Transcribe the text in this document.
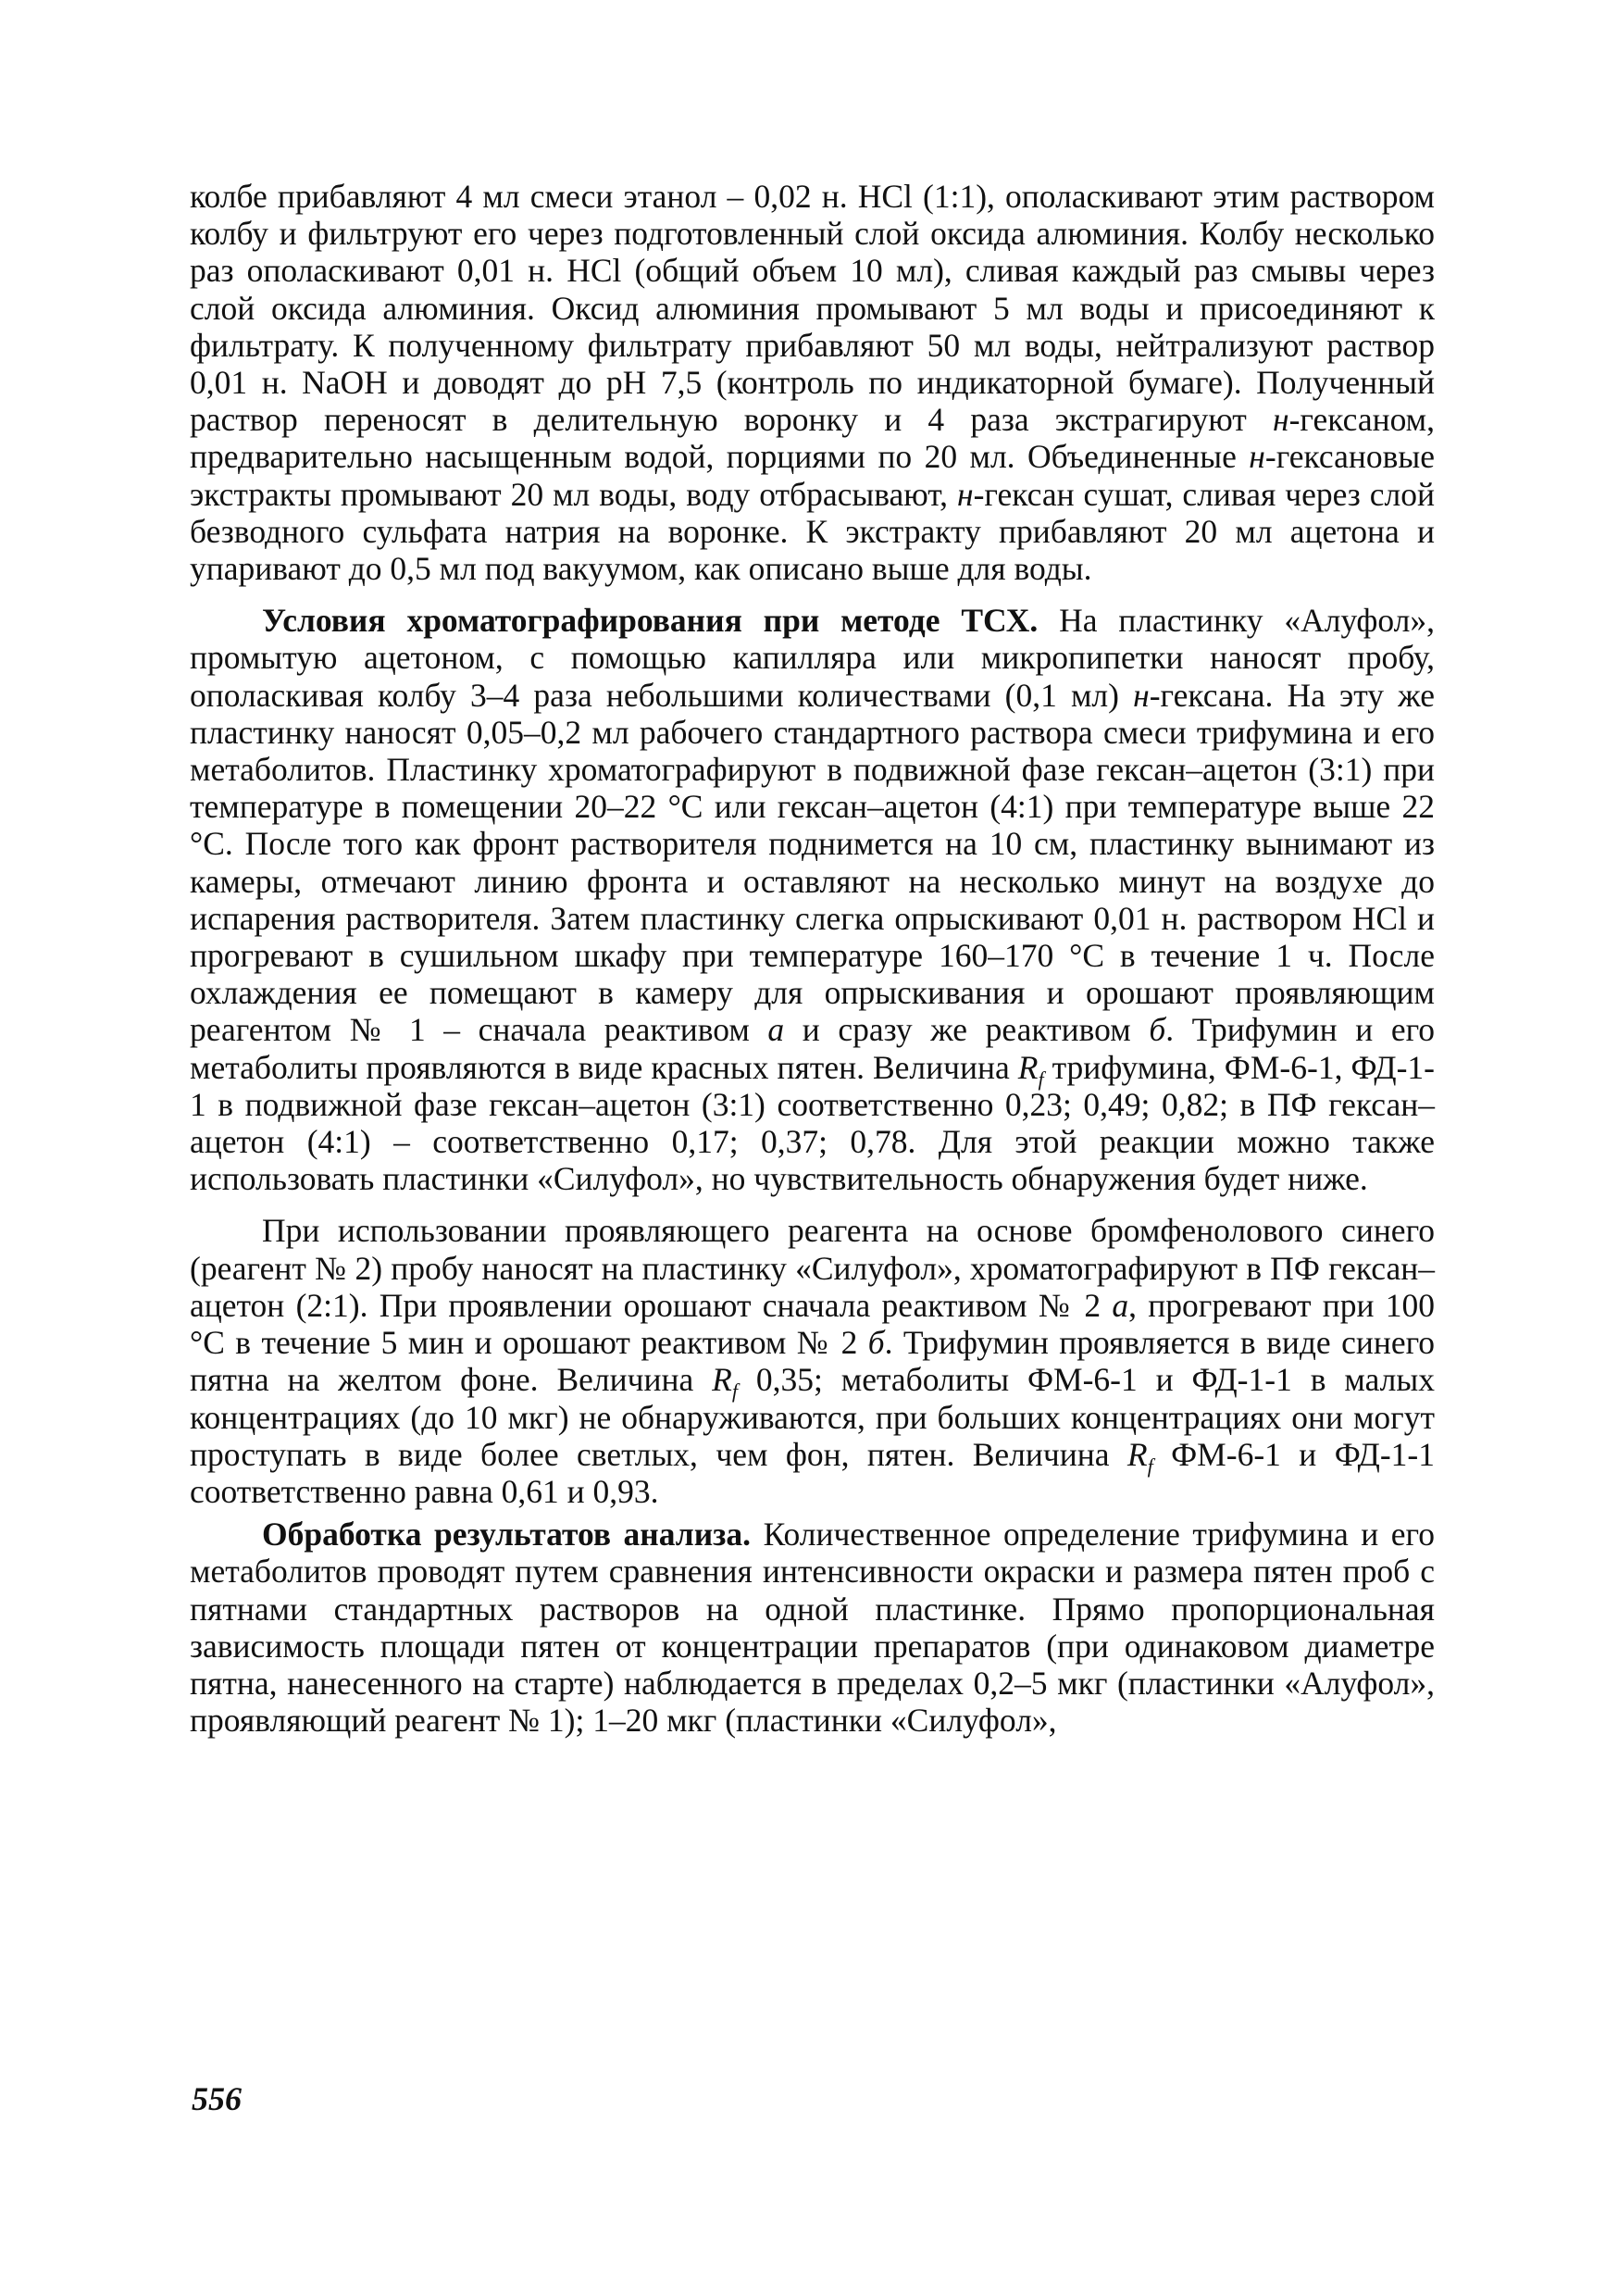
колбе прибавляют 4 мл смеси этанол – 0,02 н. HCl (1:1), ополаскивают этим раствором колбу и фильтруют его через подготовленный слой оксида алюминия. Колбу несколько раз ополаскивают 0,01 н. HCl (общий объем 10 мл), сливая каждый раз смывы через слой оксида алюминия. Оксид алюминия промывают 5 мл воды и присоединяют к фильтрату. К полученному фильтрату прибавляют 50 мл воды, нейтрализуют раствор 0,01 н. NaOH и доводят до pH 7,5 (контроль по индикаторной бумаге). Полученный раствор переносят в делительную воронку и 4 раза экстрагируют н-гексаном, предварительно насыщенным водой, порциями по 20 мл. Объединенные н-гексановые экстракты промывают 20 мл воды, воду отбрасывают, н-гексан сушат, сливая через слой безводного сульфата натрия на воронке. К экстракту прибавляют 20 мл ацетона и упаривают до 0,5 мл под вакуумом, как описано выше для воды.

Условия хроматографирования при методе ТСХ. На пластинку «Алуфол», промытую ацетоном, с помощью капилляра или микропипетки наносят пробу, ополаскивая колбу 3–4 раза небольшими количествами (0,1 мл) н-гексана. На эту же пластинку наносят 0,05–0,2 мл рабочего стандартного раствора смеси трифумина и его метаболитов. Пластинку хроматографируют в подвижной фазе гексан–ацетон (3:1) при температуре в помещении 20–22 °С или гексан–ацетон (4:1) при температуре выше 22 °С. После того как фронт растворителя поднимется на 10 см, пластинку вынимают из камеры, отмечают линию фронта и оставляют на несколько минут на воздухе до испарения растворителя. Затем пластинку слегка опрыскивают 0,01 н. раствором HCl и прогревают в сушильном шкафу при температуре 160–170 °С в течение 1 ч. После охлаждения ее помещают в камеру для опрыскивания и орошают проявляющим реагентом № 1 – сначала реактивом а и сразу же реактивом б. Трифумин и его метаболиты проявляются в виде красных пятен. Величина $R_f$ трифумина, ФМ-6-1, ФД-1-1 в подвижной фазе гексан–ацетон (3:1) соответственно 0,23; 0,49; 0,82; в ПФ гексан–ацетон (4:1) – соответственно 0,17; 0,37; 0,78. Для этой реакции можно также использовать пластинки «Силуфол», но чувствительность обнаружения будет ниже.

При использовании проявляющего реагента на основе бромфенолового синего (реагент № 2) пробу наносят на пластинку «Силуфол», хроматографируют в ПФ гексан–ацетон (2:1). При проявлении орошают сначала реактивом № 2 а, прогревают при 100 °С в течение 5 мин и орошают реактивом № 2 б. Трифумин проявляется в виде синего пятна на желтом фоне. Величина $R_f$ 0,35; метаболиты ФМ-6-1 и ФД-1-1 в малых концентрациях (до 10 мкг) не обнаруживаются, при больших концентрациях они могут проступать в виде более светлых, чем фон, пятен. Величина $R_f$ ФМ-6-1 и ФД-1-1 соответственно равна 0,61 и 0,93.

Обработка результатов анализа. Количественное определение трифумина и его метаболитов проводят путем сравнения интенсивности окраски и размера пятен проб с пятнами стандартных растворов на одной пластинке. Прямо пропорциональная зависимость площади пятен от концентрации препаратов (при одинаковом диаметре пятна, нанесенного на старте) наблюдается в пределах 0,2–5 мкг (пластинки «Алуфол», проявляющий реагент № 1); 1–20 мкг (пластинки «Силуфол»,

556
